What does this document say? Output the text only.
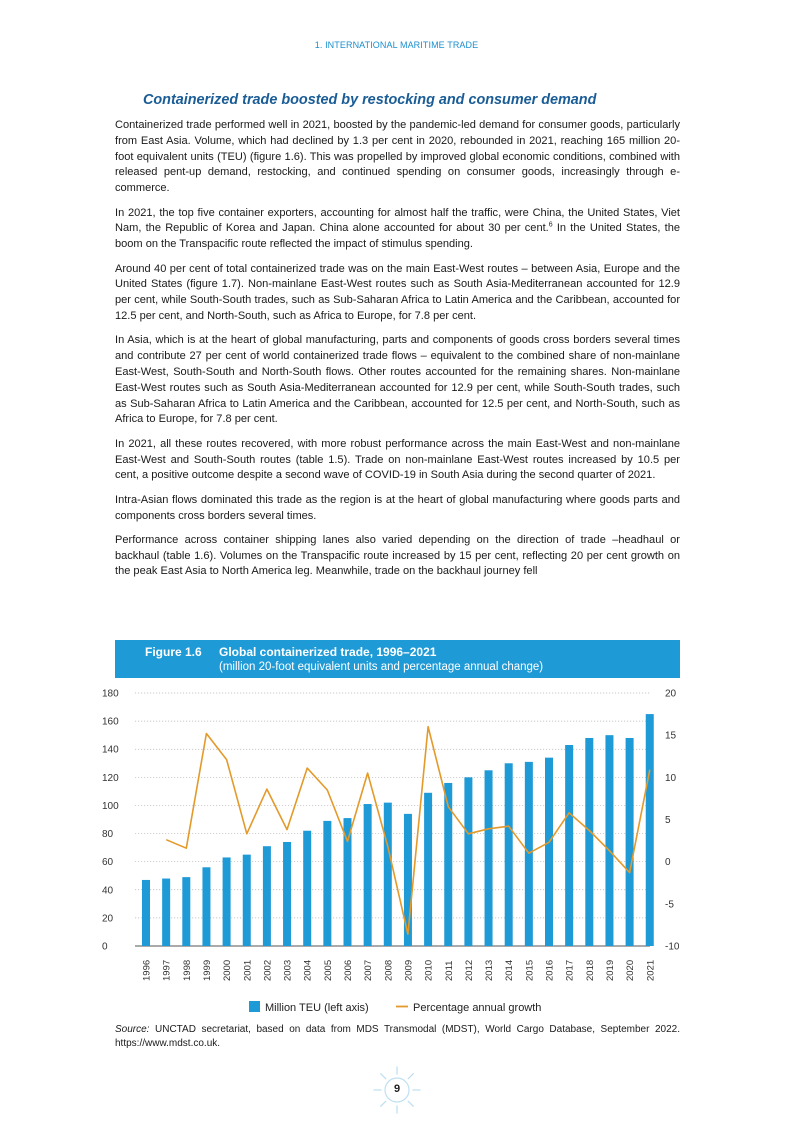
1. INTERNATIONAL MARITIME TRADE
Containerized trade boosted by restocking and consumer demand

Containerized trade performed well in 2021, boosted by the pandemic-led demand for consumer goods, particularly from East Asia. Volume, which had declined by 1.3 per cent in 2020, rebounded in 2021, reaching 165 million 20-foot equivalent units (TEU) (figure 1.6). This was propelled by improved global economic conditions, combined with released pent-up demand, restocking, and continued spending on consumer goods, increasingly through e-commerce.

In 2021, the top five container exporters, accounting for almost half the traffic, were China, the United States, Viet Nam, the Republic of Korea and Japan. China alone accounted for about 30 per cent.$^6$ In the United States, the boom on the Transpacific route reflected the impact of stimulus spending.

Around 40 per cent of total containerized trade was on the main East-West routes – between Asia, Europe and the United States (figure 1.7). Non-mainlane East-West routes such as South Asia-Mediterranean accounted for 12.9 per cent, while South-South trades, such as Sub-Saharan Africa to Latin America and the Caribbean, accounted for 12.5 per cent, and North-South, such as Africa to Europe, for 7.8 per cent.

In Asia, which is at the heart of global manufacturing, parts and components of goods cross borders several times and contribute 27 per cent of world containerized trade flows – equivalent to the combined share of non-mainlane East-West, South-South and North-South flows. Other routes accounted for the remaining shares. Non-mainlane East-West routes such as South Asia-Mediterranean accounted for 12.9 per cent, while South-South trades, such as Sub-Saharan Africa to Latin America and the Caribbean, accounted for 12.5 per cent, and North-South, such as Africa to Europe, for 7.8 per cent.

In 2021, all these routes recovered, with more robust performance across the main East-West and non-mainlane East-West and South-South routes (table 1.5). Trade on non-mainlane East-West routes increased by 10.5 per cent, a positive outcome despite a second wave of COVID-19 in South Asia during the second quarter of 2021.

Intra-Asian flows dominated this trade as the region is at the heart of global manufacturing where goods parts and components cross borders several times.

Performance across container shipping lanes also varied depending on the direction of trade –headhaul or backhaul (table 1.6). Volumes on the Transpacific route increased by 15 per cent, reflecting 20 per cent growth on the peak East Asia to North America leg. Meanwhile, trade on the backhaul journey fell

Figure 1.6 Global containerized trade, 1996–2021
(million 20-foot equivalent units and percentage annual change)
0
20
40
60
80
100
120
140
160
180
-10
-5
0
5
10
15
20
1996 1997 1998 1999 2000 2001 2002 2003 2004 2005 2006 2007 2008 2009 2010 2011 2012 2013 2014 2015 2016 2017 2018 2019 2020 2021
Million TEU (left axis)	Percentage annual growth
Source: UNCTAD secretariat, based on data from MDS Transmodal (MDST), World Cargo Database, September 2022. https://www.mdst.co.uk.
9
